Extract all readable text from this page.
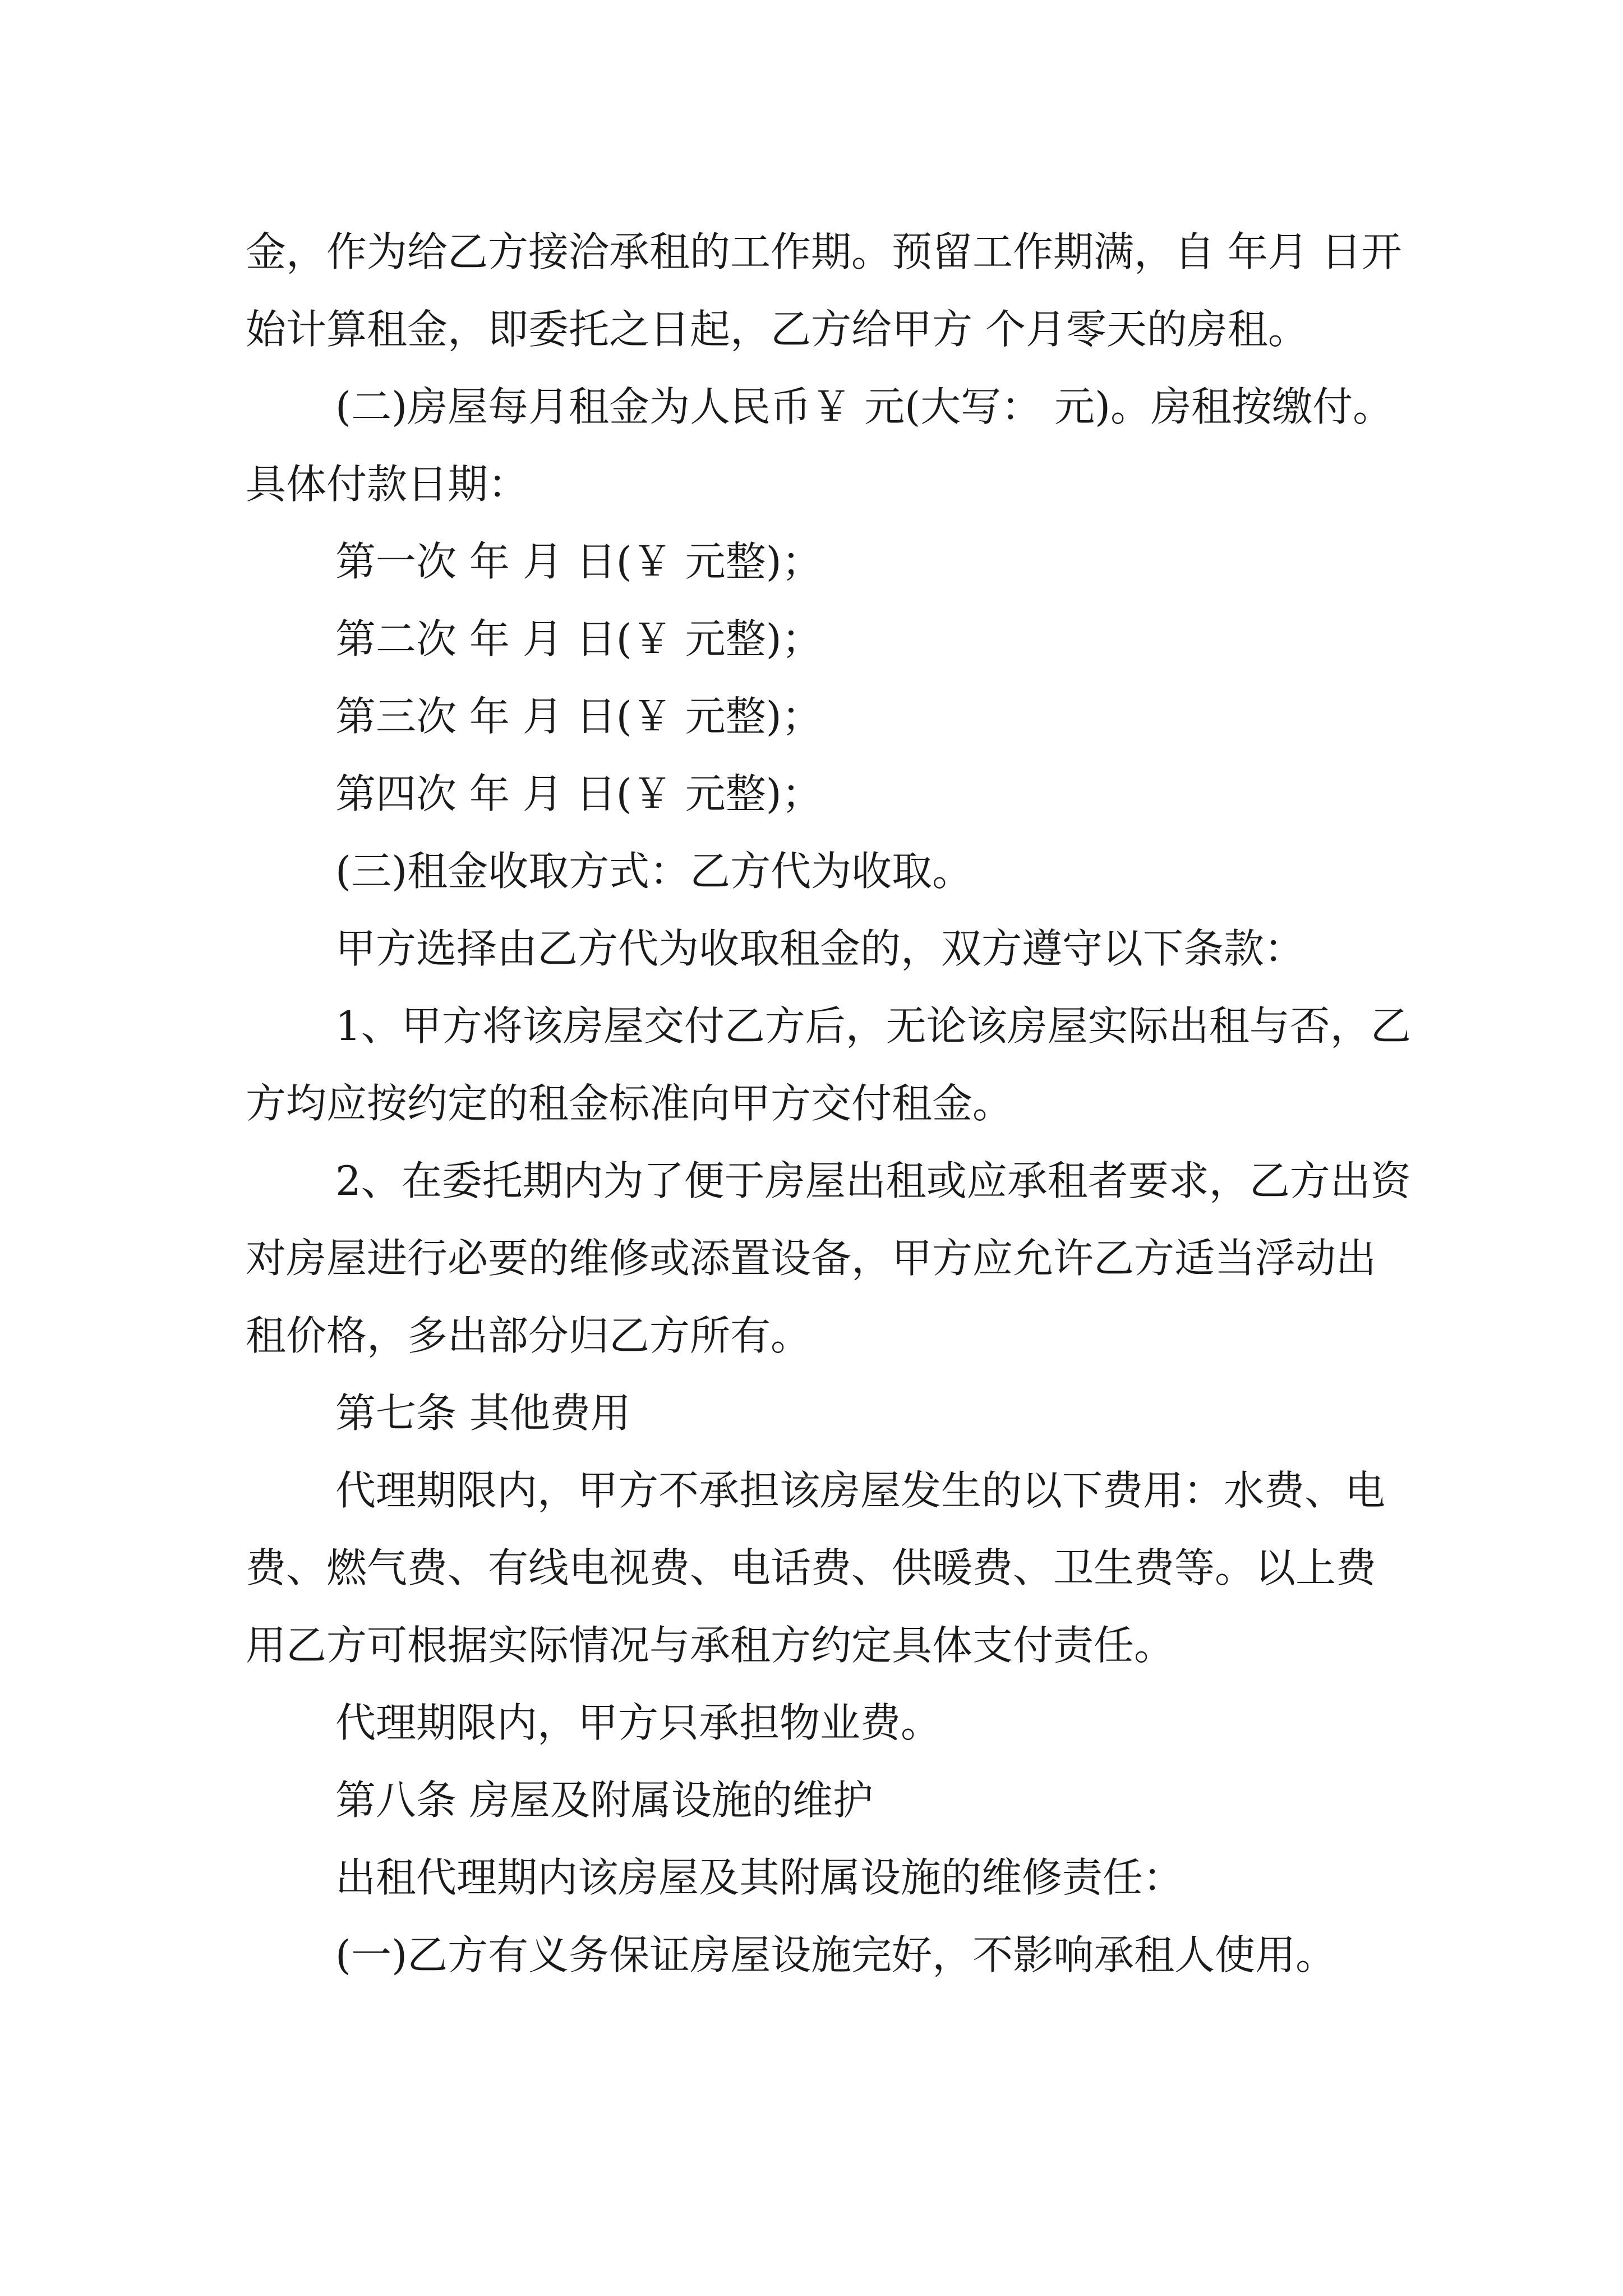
金，作为给乙方接洽承租的工作期。预留工作期满，自 年月 日开始计算租金，即委托之日起，乙方给甲方 个月零天的房租。

(二)房屋每月租金为人民币￥ 元(大写： 元)。房租按缴付。具体付款日期：

第一次 年 月 日(￥ 元整)；

第二次 年 月 日(￥ 元整)；

第三次 年 月 日(￥ 元整)；

第四次 年 月 日(￥ 元整)；

(三)租金收取方式：乙方代为收取。

甲方选择由乙方代为收取租金的，双方遵守以下条款：

1、甲方将该房屋交付乙方后，无论该房屋实际出租与否，乙方均应按约定的租金标准向甲方交付租金。

2、在委托期内为了便于房屋出租或应承租者要求，乙方出资对房屋进行必要的维修或添置设备，甲方应允许乙方适当浮动出租价格，多出部分归乙方所有。

第七条 其他费用

代理期限内，甲方不承担该房屋发生的以下费用：水费、电费、燃气费、有线电视费、电话费、供暖费、卫生费等。以上费用乙方可根据实际情况与承租方约定具体支付责任。

代理期限内，甲方只承担物业费。

第八条 房屋及附属设施的维护

出租代理期内该房屋及其附属设施的维修责任：

(一)乙方有义务保证房屋设施完好，不影响承租人使用。
